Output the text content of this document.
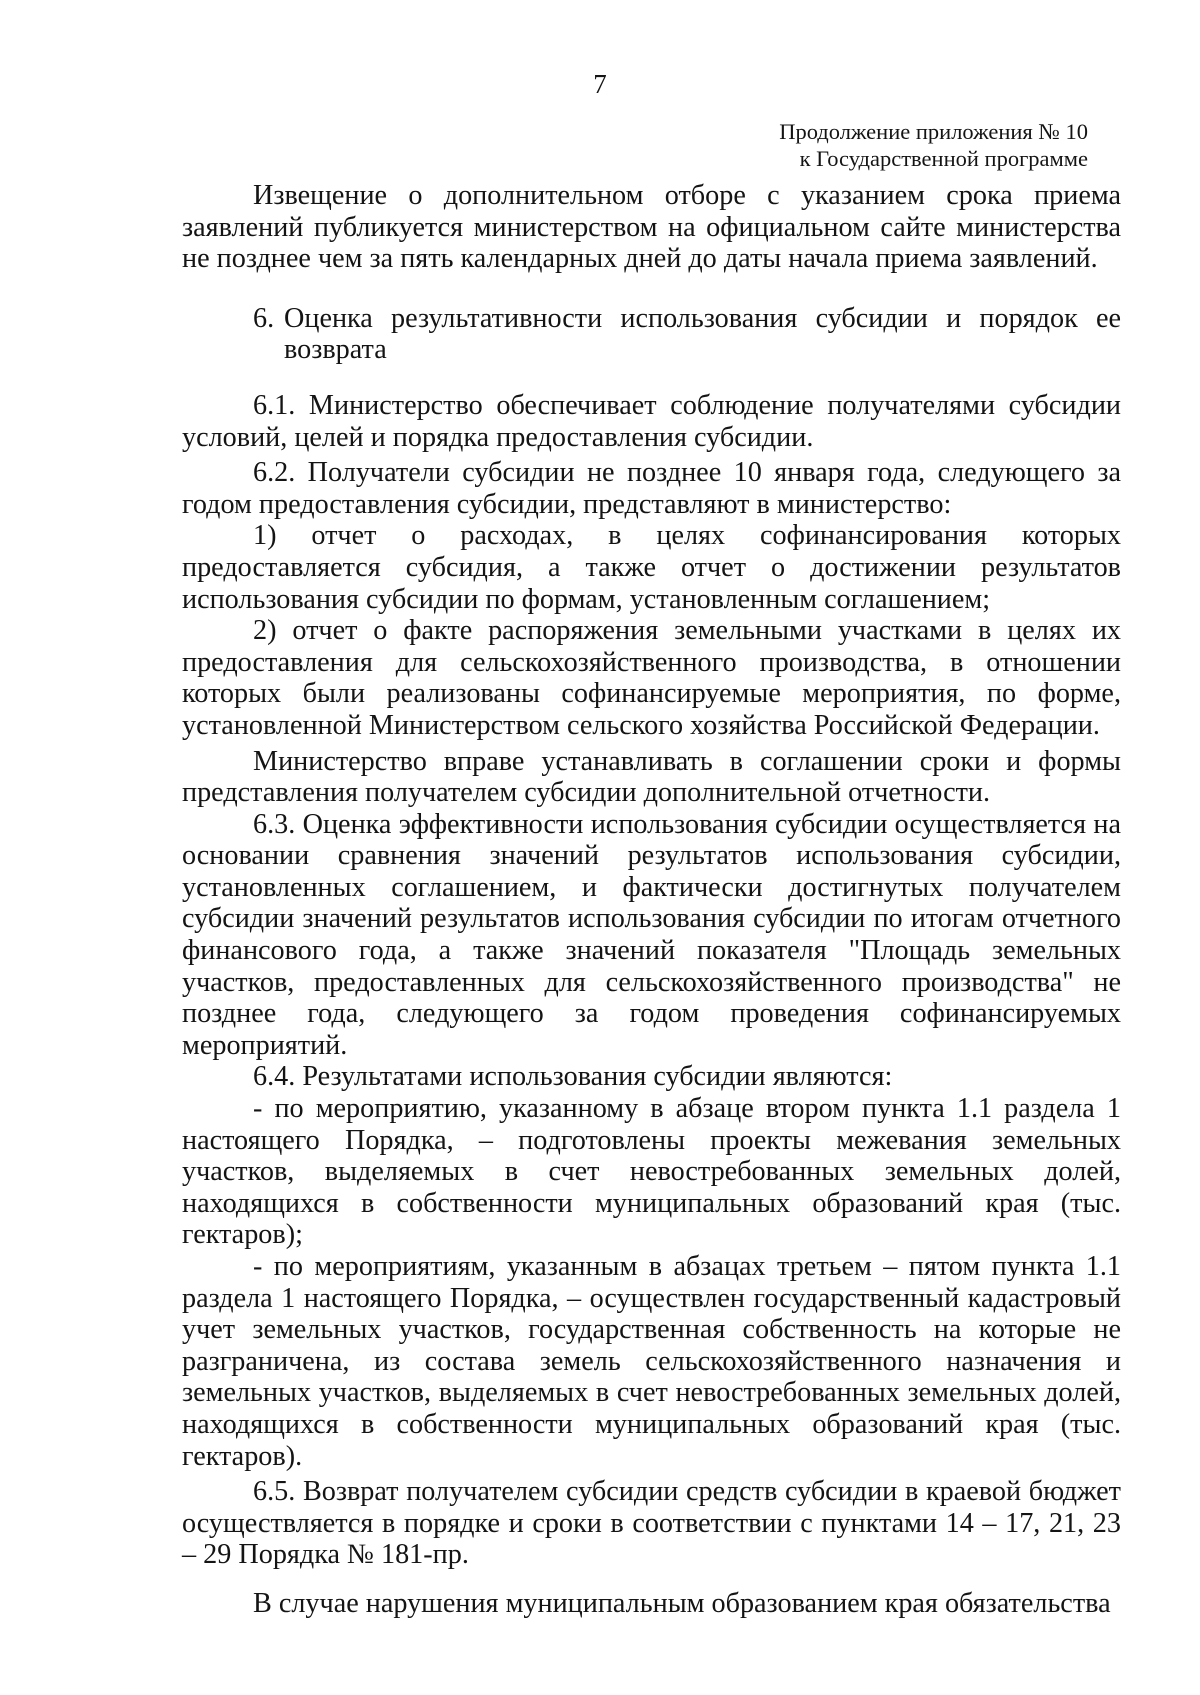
7
Продолжение приложения № 10
к Государственной программе

Извещение о дополнительном отборе с указанием срока приема заявлений публикуется министерством на официальном сайте министерства не позднее чем за пять календарных дней до даты начала приема заявлений.

6. Оценка результативности использования субсидии и порядок ее возврата

6.1. Министерство обеспечивает соблюдение получателями субсидии условий, целей и порядка предоставления субсидии.

6.2. Получатели субсидии не позднее 10 января года, следующего за годом предоставления субсидии, представляют в министерство:

1) отчет о расходах, в целях софинансирования которых предоставляется субсидия, а также отчет о достижении результатов использования субсидии по формам, установленным соглашением;

2) отчет о факте распоряжения земельными участками в целях их предоставления для сельскохозяйственного производства, в отношении которых были реализованы софинансируемые мероприятия, по форме, установленной Министерством сельского хозяйства Российской Федерации.

Министерство вправе устанавливать в соглашении сроки и формы представления получателем субсидии дополнительной отчетности.

6.3. Оценка эффективности использования субсидии осуществляется на основании сравнения значений результатов использования субсидии, установленных соглашением, и фактически достигнутых получателем субсидии значений результатов использования субсидии по итогам отчетного финансового года, а также значений показателя "Площадь земельных участков, предоставленных для сельскохозяйственного производства" не позднее года, следующего за годом проведения софинансируемых мероприятий.

6.4. Результатами использования субсидии являются:

- по мероприятию, указанному в абзаце втором пункта 1.1 раздела 1 настоящего Порядка, – подготовлены проекты межевания земельных участков, выделяемых в счет невостребованных земельных долей, находящихся в собственности муниципальных образований края (тыс. гектаров);

- по мероприятиям, указанным в абзацах третьем – пятом пункта 1.1 раздела 1 настоящего Порядка, – осуществлен государственный кадастровый учет земельных участков, государственная собственность на которые не разграничена, из состава земель сельскохозяйственного назначения и земельных участков, выделяемых в счет невостребованных земельных долей, находящихся в собственности муниципальных образований края (тыс. гектаров).

6.5. Возврат получателем субсидии средств субсидии в краевой бюджет осуществляется в порядке и сроки в соответствии с пунктами 14 – 17, 21, 23 – 29 Порядка № 181-пр.

В случае нарушения муниципальным образованием края обязательства
